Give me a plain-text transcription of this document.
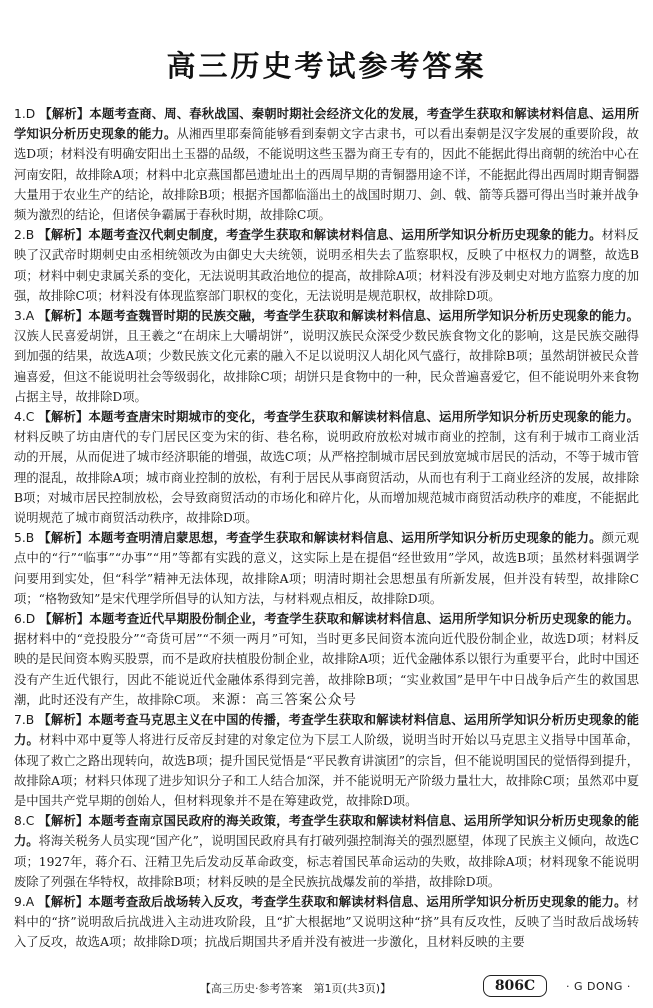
高三历史考试参考答案

1.D 【解析】本题考查商、周、春秋战国、秦朝时期社会经济文化的发展，考查学生获取和解读材料信息、运用所学知识分析历史现象的能力。从湘西里耶秦简能够看到秦朝文字古隶书，可以看出秦朝是汉字发展的重要阶段，故选D项；材料没有明确安阳出土玉器的品级，不能说明这些玉器为商王专有的，因此不能据此得出商朝的统治中心在河南安阳，故排除A项；材料中北京燕国都邑遗址出土的西周早期的青铜器用途不详，不能据此得出西周时期青铜器大量用于农业生产的结论，故排除B项；根据齐国都临淄出土的战国时期刀、剑、戟、箭等兵器可得出当时兼并战争频为激烈的结论，但诸侯争霸属于春秋时期，故排除C项。

2.B 【解析】本题考查汉代刺史制度，考查学生获取和解读材料信息、运用所学知识分析历史现象的能力。材料反映了汉武帝时期刺史由丞相统领改为由御史大夫统领，说明丞相失去了监察职权，反映了中枢权力的调整，故选B项；材料中刺史隶属关系的变化，无法说明其政治地位的提高，故排除A项；材料没有涉及刺史对地方监察力度的加强，故排除C项；材料没有体现监察部门职权的变化，无法说明是规范职权，故排除D项。

3.A 【解析】本题考查魏晋时期的民族交融，考查学生获取和解读材料信息、运用所学知识分析历史现象的能力。汉族人民喜爱胡饼，且王羲之“在胡床上大嚼胡饼”，说明汉族民众深受少数民族食物文化的影响，这是民族交融得到加强的结果，故选A项；少数民族文化元素的融入不足以说明汉人胡化风气盛行，故排除B项；虽然胡饼被民众普遍喜爱，但这不能说明社会等级弱化，故排除C项；胡饼只是食物中的一种，民众普遍喜爱它，但不能说明外来食物占据主导，故排除D项。

4.C 【解析】本题考查唐宋时期城市的变化，考查学生获取和解读材料信息、运用所学知识分析历史现象的能力。材料反映了坊由唐代的专门居民区变为宋的街、巷名称，说明政府放松对城市商业的控制，这有利于城市工商业活动的开展，从而促进了城市经济职能的增强，故选C项；从严格控制城市居民到放宽城市居民的活动，不等于城市管理的混乱，故排除A项；城市商业控制的放松，有利于居民从事商贸活动，从而也有利于工商业经济的发展，故排除B项；对城市居民控制放松，会导致商贸活动的市场化和碎片化，从而增加规范城市商贸活动秩序的难度，不能据此说明规范了城市商贸活动秩序，故排除D项。

5.B 【解析】本题考查明清启蒙思想，考查学生获取和解读材料信息、运用所学知识分析历史现象的能力。颜元观点中的“行”“临事”“办事”“用”等都有实践的意义，这实际上是在提倡“经世致用”学风，故选B项；虽然材料强调学问要用到实处，但“科学”精神无法体现，故排除A项；明清时期社会思想虽有所新发展，但并没有转型，故排除C项；“格物致知”是宋代理学所倡导的认知方法，与材料观点相反，故排除D项。

6.D 【解析】本题考查近代早期股份制企业，考查学生获取和解读材料信息、运用所学知识分析历史现象的能力。据材料中的“竞投股分”“奇货可居”“不须一两月”可知，当时更多民间资本流向近代股份制企业，故选D项；材料反映的是民间资本购买股票，而不是政府扶植股份制企业，故排除A项；近代金融体系以银行为重要平台，此时中国还没有产生近代银行，因此不能说近代金融体系得到完善，故排除B项；“实业救国”是甲午中日战争后产生的救国思潮，此时还没有产生，故排除C项。 来源：高三答案公众号

7.B 【解析】本题考查马克思主义在中国的传播，考查学生获取和解读材料信息、运用所学知识分析历史现象的能力。材料中邓中夏等人将进行反帝反封建的对象定位为下层工人阶级，说明当时开始以马克思主义指导中国革命，体现了救亡之路出现转向，故选B项；提升国民觉悟是“平民教育讲演团”的宗旨，但不能说明国民的觉悟得到提升，故排除A项；材料只体现了进步知识分子和工人结合加深，并不能说明无产阶级力量壮大，故排除C项；虽然邓中夏是中国共产党早期的创始人，但材料现象并不是在筹建政党，故排除D项。

8.C 【解析】本题考查南京国民政府的海关政策，考查学生获取和解读材料信息、运用所学知识分析历史现象的能力。将海关税务人员实现“国产化”，说明国民政府具有打破列强控制海关的强烈愿望，体现了民族主义倾向，故选C项；1927年，蒋介石、汪精卫先后发动反革命政变，标志着国民革命运动的失败，故排除A项；材料现象不能说明废除了列强在华特权，故排除B项；材料反映的是全民族抗战爆发前的举措，故排除D项。

9.A 【解析】本题考查敌后战场转入反攻，考查学生获取和解读材料信息、运用所学知识分析历史现象的能力。材料中的“挤”说明敌后抗战进入主动进攻阶段，且“扩大根据地”又说明这种“挤”具有反攻性，反映了当时敌后战场转入了反攻，故选A项；故排除D项；抗战后期国共矛盾并没有被进一步激化，且材料反映的主要

【高三历史·参考答案　第1页(共3页)】	806C	· G DONG ·
